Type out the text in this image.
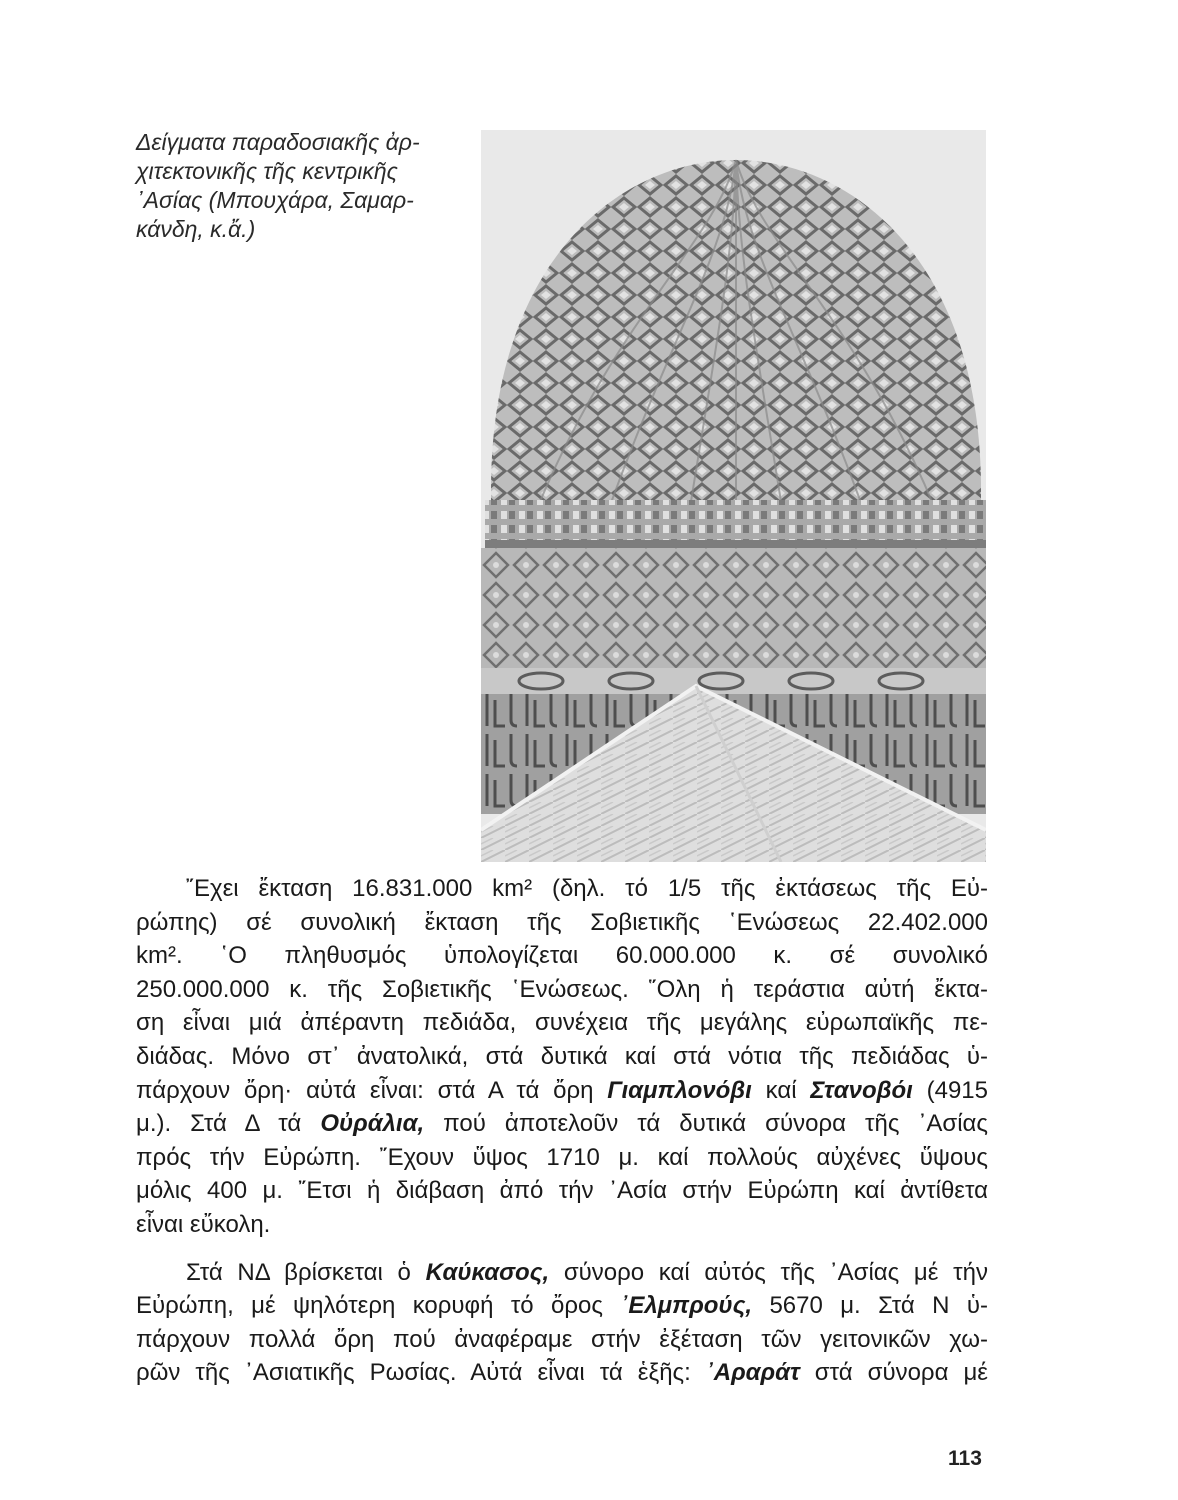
Δείγματα παραδοσιακῆς ἀρ-
χιτεκτονικῆς τῆς κεντρικῆς
᾿Ασίας (Μπουχάρα, Σαμαρ-
κάνδη, κ.ἄ.)
῎Εχει ἔκταση 16.831.000 km² (δηλ. τό 1/5 τῆς ἐκτάσεως τῆς Εὐ-
ρώπης) σέ συνολική ἔκταση τῆς Σοβιετικῆς ῾Ενώσεως 22.402.000
km². ῾Ο πληθυσμός ὑπολογίζεται 60.000.000 κ. σέ συνολικό
250.000.000 κ. τῆς Σοβιετικῆς ῾Ενώσεως. ῞Ολη ἡ τεράστια αὐτή ἔκτα-
ση εἶναι μιά ἀπέραντη πεδιάδα, συνέχεια τῆς μεγάλης εὐρωπαϊκῆς πε-
διάδας. Μόνο στ᾿ ἀνατολικά, στά δυτικά καί στά νότια τῆς πεδιάδας ὑ-
πάρχουν ὄρη· αὐτά εἶναι: στά Α τά ὄρη Γιαμπλονόβι καί Στανοβόι (4915
μ.). Στά Δ τά Οὐράλια, πού ἀποτελοῦν τά δυτικά σύνορα τῆς ᾿Ασίας
πρός τήν Εὐρώπη. ῎Εχουν ὕψος 1710 μ. καί πολλούς αὐχένες ὕψους
μόλις 400 μ. ῎Ετσι ἡ διάβαση ἀπό τήν ᾿Ασία στήν Εὐρώπη καί ἀντίθετα
εἶναι εὔκολη.
Στά ΝΔ βρίσκεται ὁ Καύκασος, σύνορο καί αὐτός τῆς ᾿Ασίας μέ τήν
Εὐρώπη, μέ ψηλότερη κορυφή τό ὄρος ᾿Ελμπρούς, 5670 μ. Στά Ν ὑ-
πάρχουν πολλά ὄρη πού ἀναφέραμε στήν ἐξέταση τῶν γειτονικῶν χω-
ρῶν τῆς ᾿Ασιατικῆς Ρωσίας. Αὐτά εἶναι τά ἑξῆς: ᾿Αραράτ στά σύνορα μέ
113
